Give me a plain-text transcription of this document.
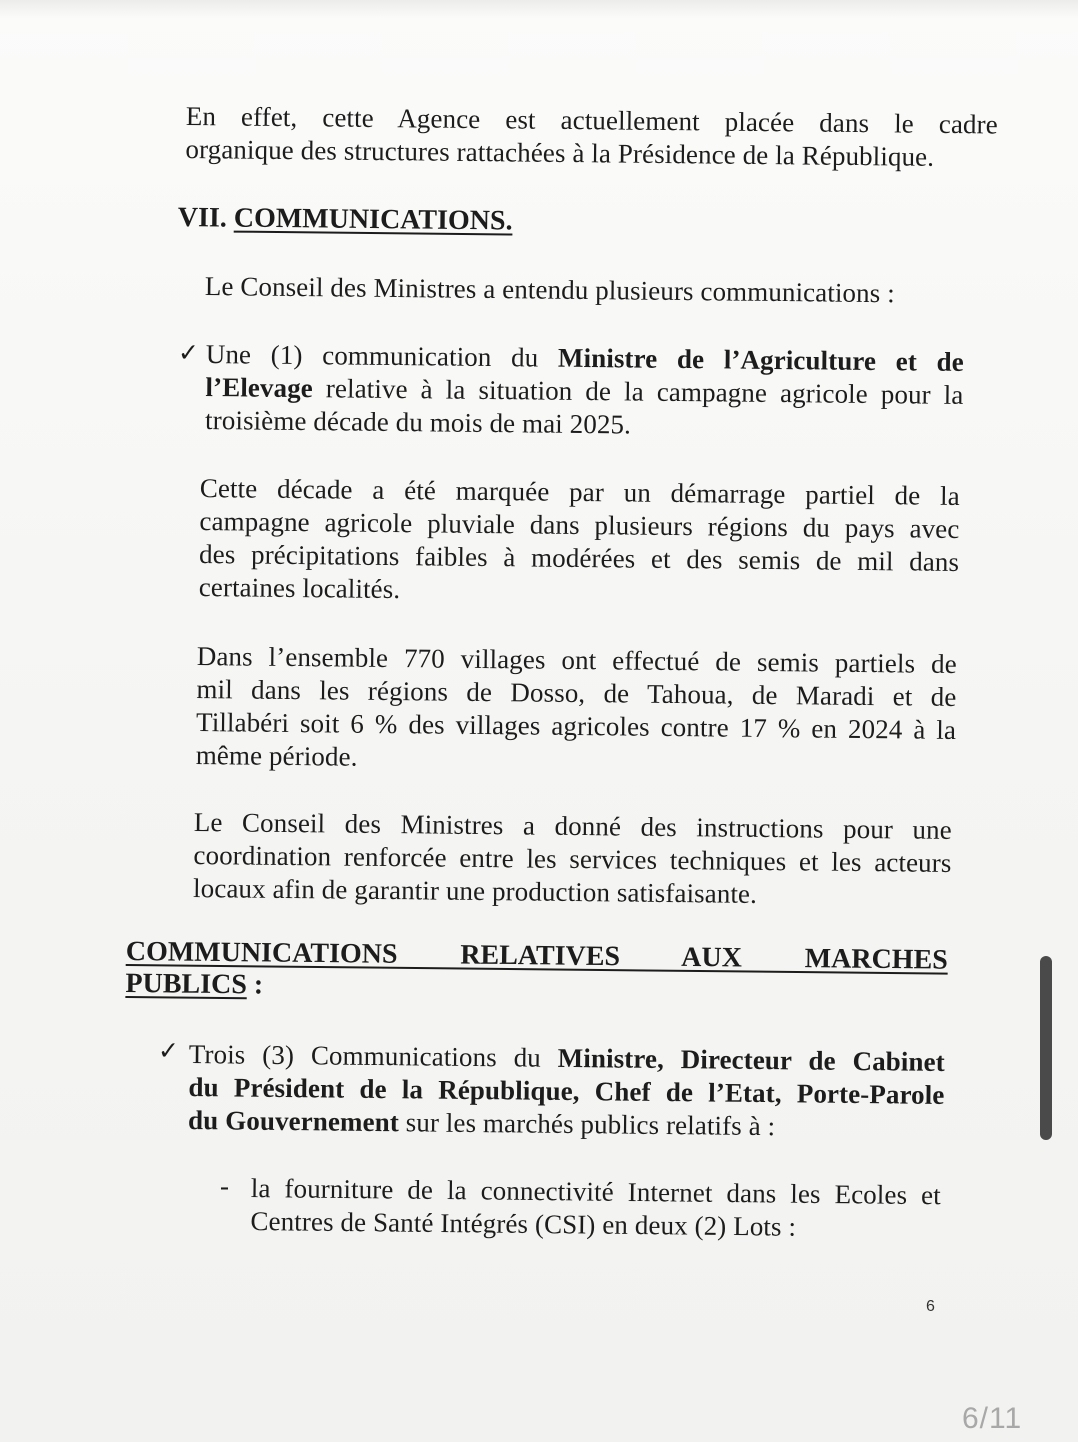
En effet, cette Agence est actuellement placée dans le cadre
organique des structures rattachées à la Présidence de la République.
VII. COMMUNICATIONS.
Le Conseil des Ministres a entendu plusieurs communications :
✓ Une (1) communication du Ministre de l’Agriculture et de
l’Elevage relative à la situation de la campagne agricole pour la
troisième décade du mois de mai 2025.
Cette décade a été marquée par un démarrage partiel de la
campagne agricole pluviale dans plusieurs régions du pays avec
des précipitations faibles à modérées et des semis de mil dans
certaines localités.
Dans l’ensemble 770 villages ont effectué de semis partiels de
mil dans les régions de Dosso, de Tahoua, de Maradi et de
Tillabéri soit 6 % des villages agricoles contre 17 % en 2024 à la
même période.
Le Conseil des Ministres a donné des instructions pour une
coordination renforcée entre les services techniques et les acteurs
locaux afin de garantir une production satisfaisante.
COMMUNICATIONS RELATIVES AUX MARCHES
PUBLICS :
✓ Trois (3) Communications du Ministre, Directeur de Cabinet
du Président de la République, Chef de l’Etat, Porte-Parole
du Gouvernement sur les marchés publics relatifs à :
- la fourniture de la connectivité Internet dans les Ecoles et
Centres de Santé Intégrés (CSI) en deux (2) Lots :
6
6/11
